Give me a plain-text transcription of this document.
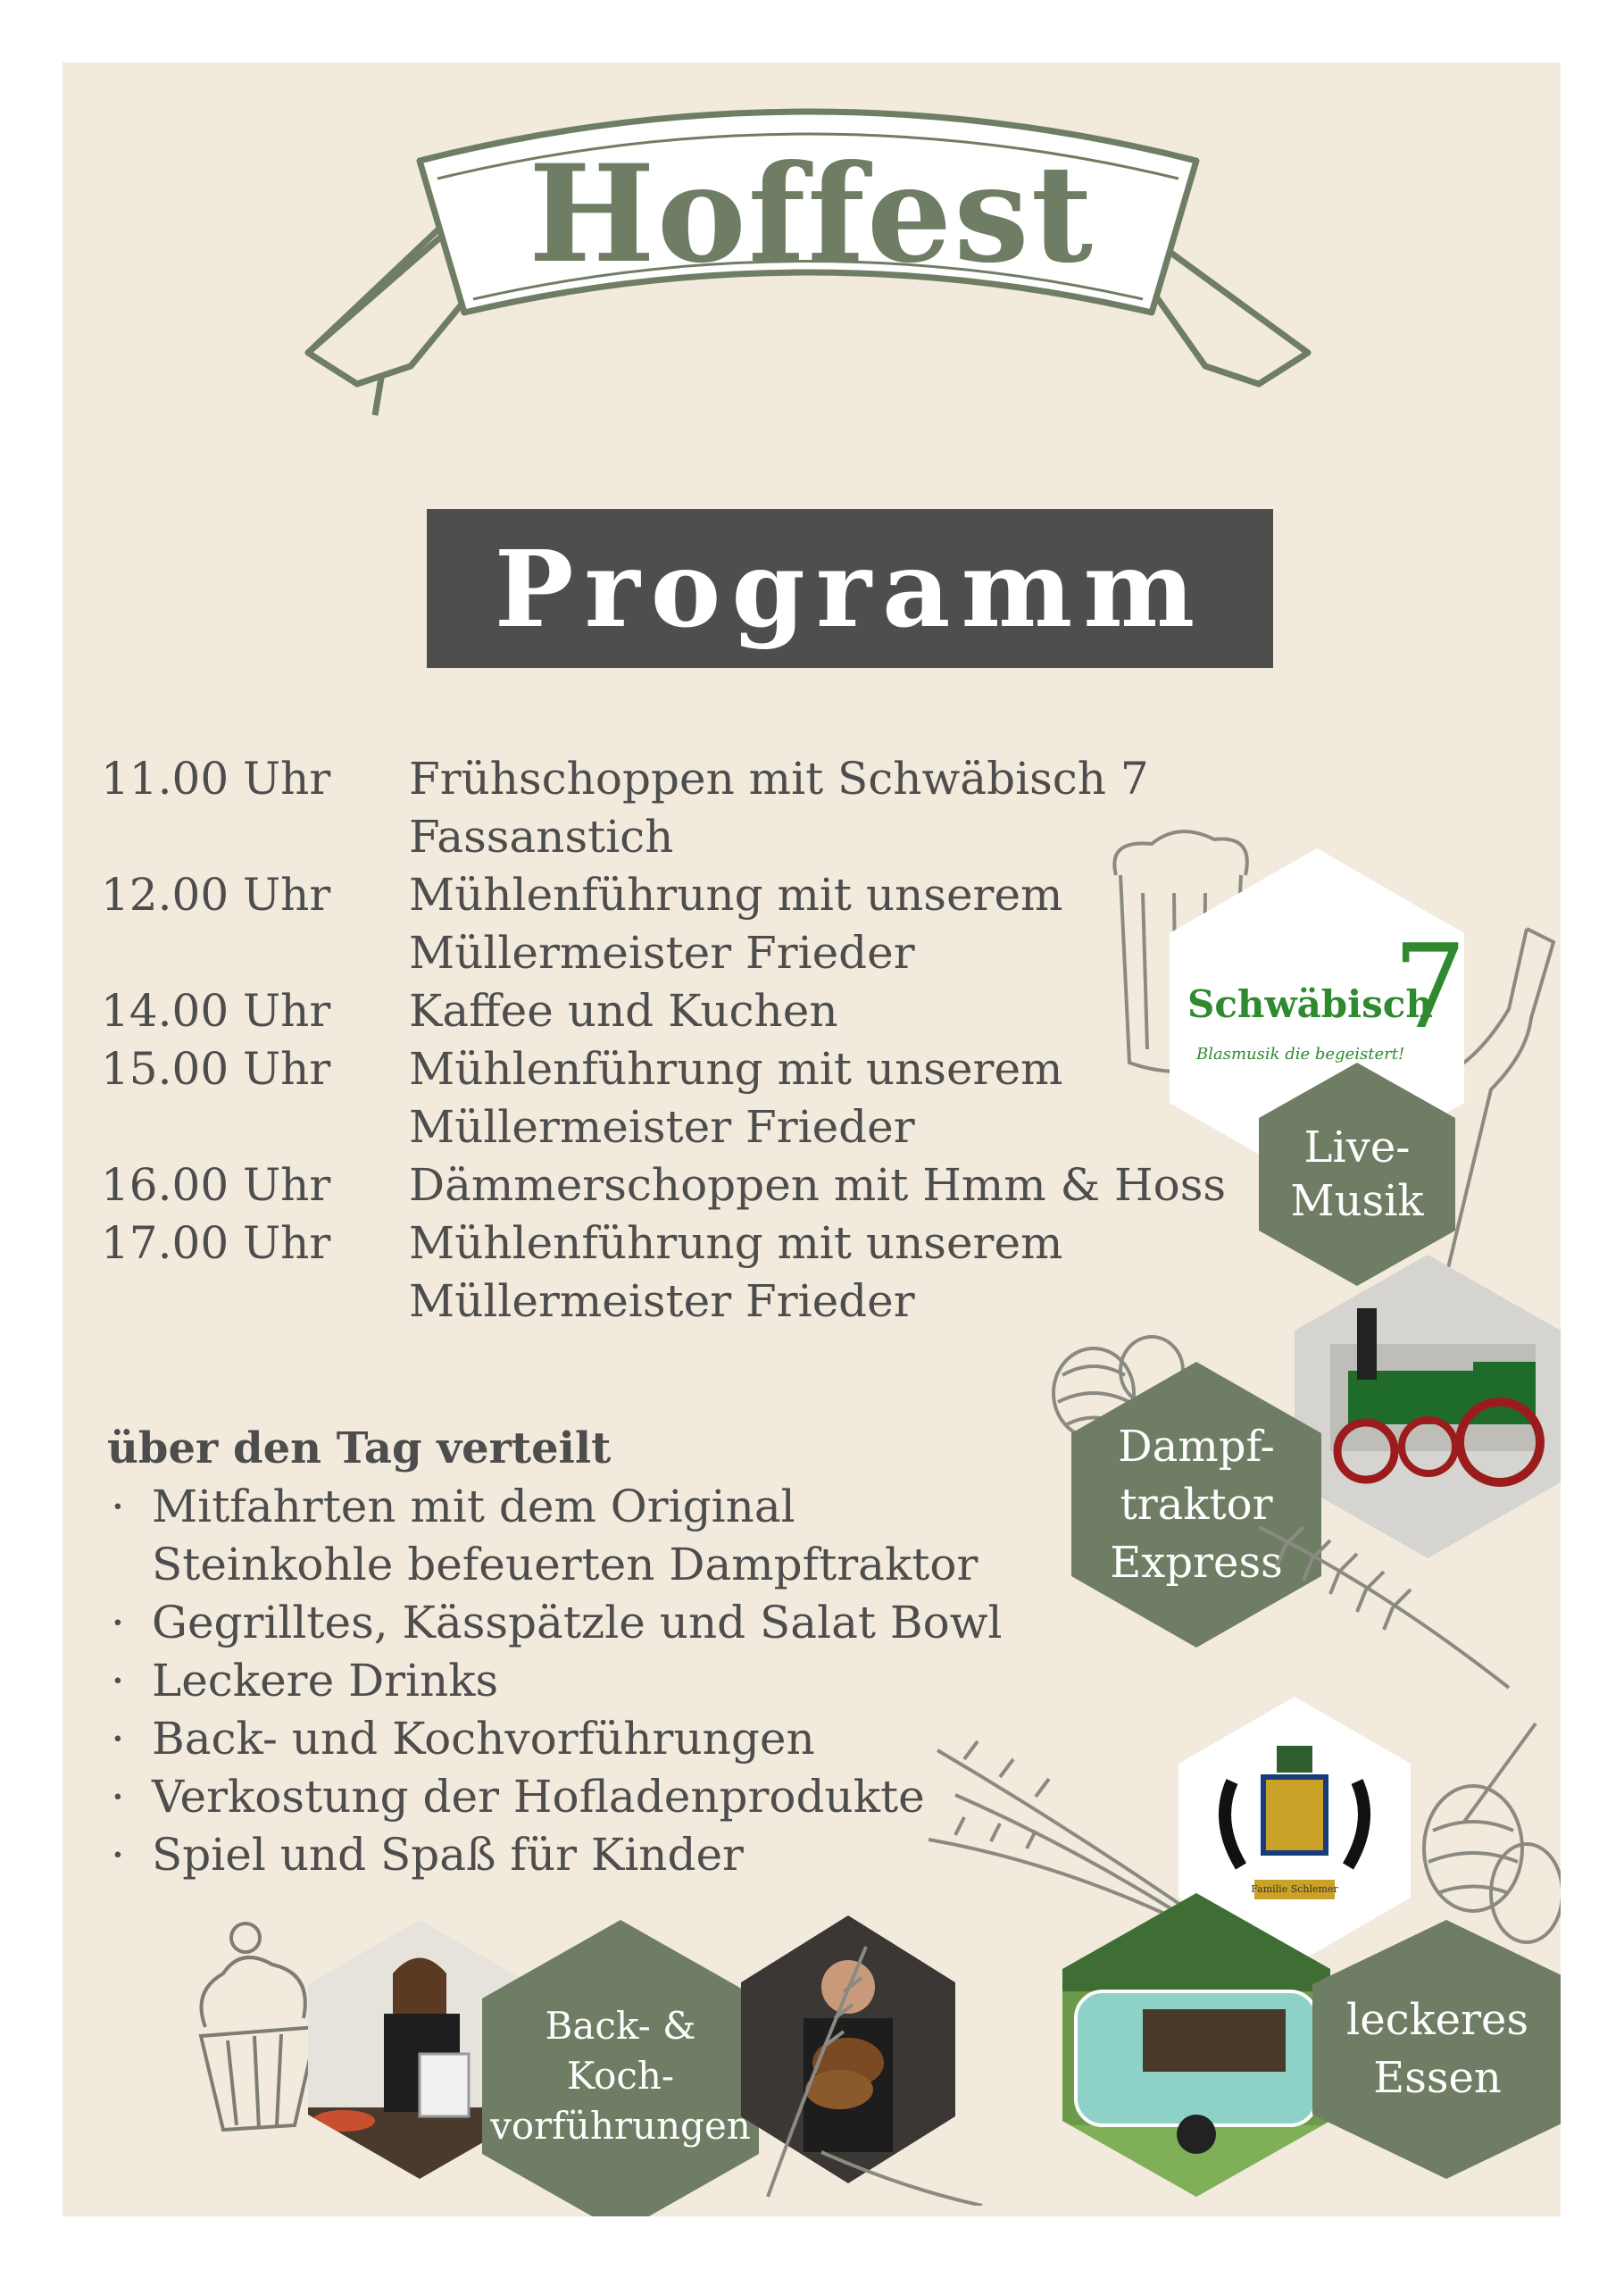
Hoffest
Programm
11.00 Uhr	Frühschoppen mit Schwäbisch 7
Fassanstich
12.00 Uhr	Mühlenführung mit unserem
Müllermeister Frieder
14.00 Uhr	Kaffee und Kuchen
15.00 Uhr	Mühlenführung mit unserem
Müllermeister Frieder
16.00 Uhr	Dämmerschoppen mit Hmm & Hoss
17.00 Uhr	Mühlenführung mit unserem
Müllermeister Frieder
über den Tag verteilt
· Mitfahrten mit dem Original
Steinkohle befeuerten Dampftraktor
· Gegrilltes, Kässpätzle und Salat Bowl
· Leckere Drinks
· Back- und Kochvorführungen
· Verkostung der Hofladenprodukte
· Spiel und Spaß für Kinder
Schwäbisch
7
Blasmusik die begeistert!
Live-
Musik
Dampf-
traktor
Express
Familie Schlemer
leckeres
Essen
Back- &
Koch-
vorführungen
